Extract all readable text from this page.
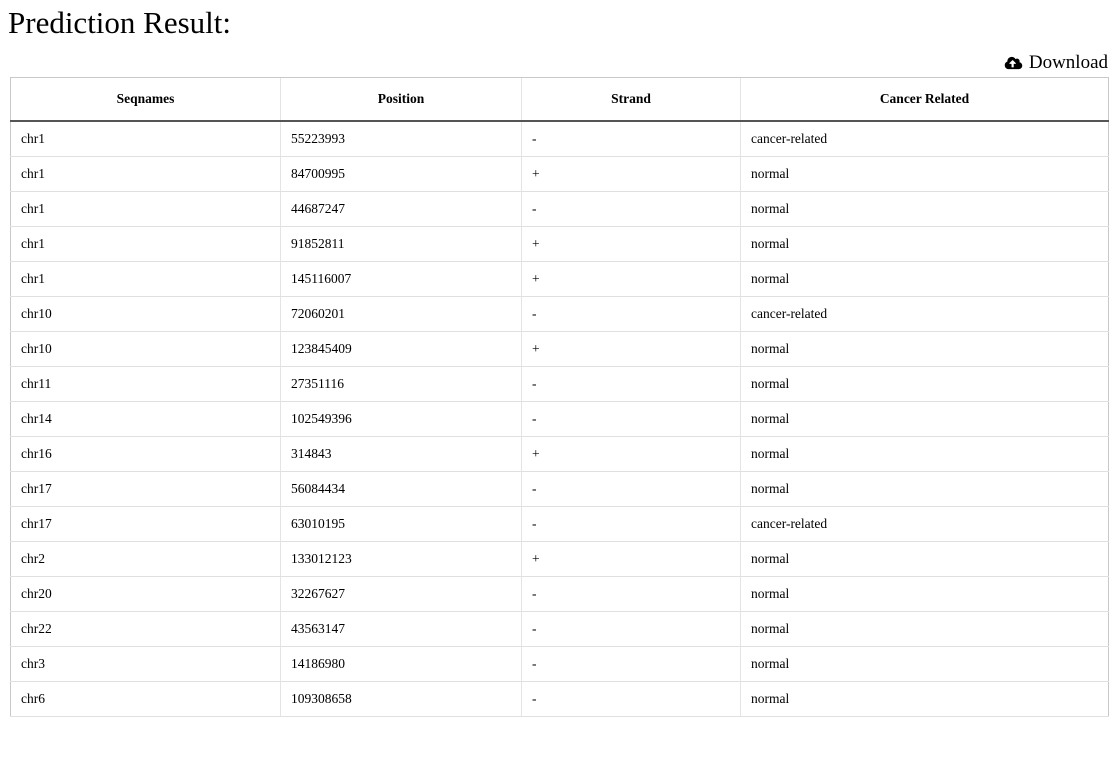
Prediction Result:
Download
Seqnames	Position	Strand	Cancer Related
chr1	55223993	-	cancer-related
chr1	84700995	+	normal
chr1	44687247	-	normal
chr1	91852811	+	normal
chr1	145116007	+	normal
chr10	72060201	-	cancer-related
chr10	123845409	+	normal
chr11	27351116	-	normal
chr14	102549396	-	normal
chr16	314843	+	normal
chr17	56084434	-	normal
chr17	63010195	-	cancer-related
chr2	133012123	+	normal
chr20	32267627	-	normal
chr22	43563147	-	normal
chr3	14186980	-	normal
chr6	109308658	-	normal
